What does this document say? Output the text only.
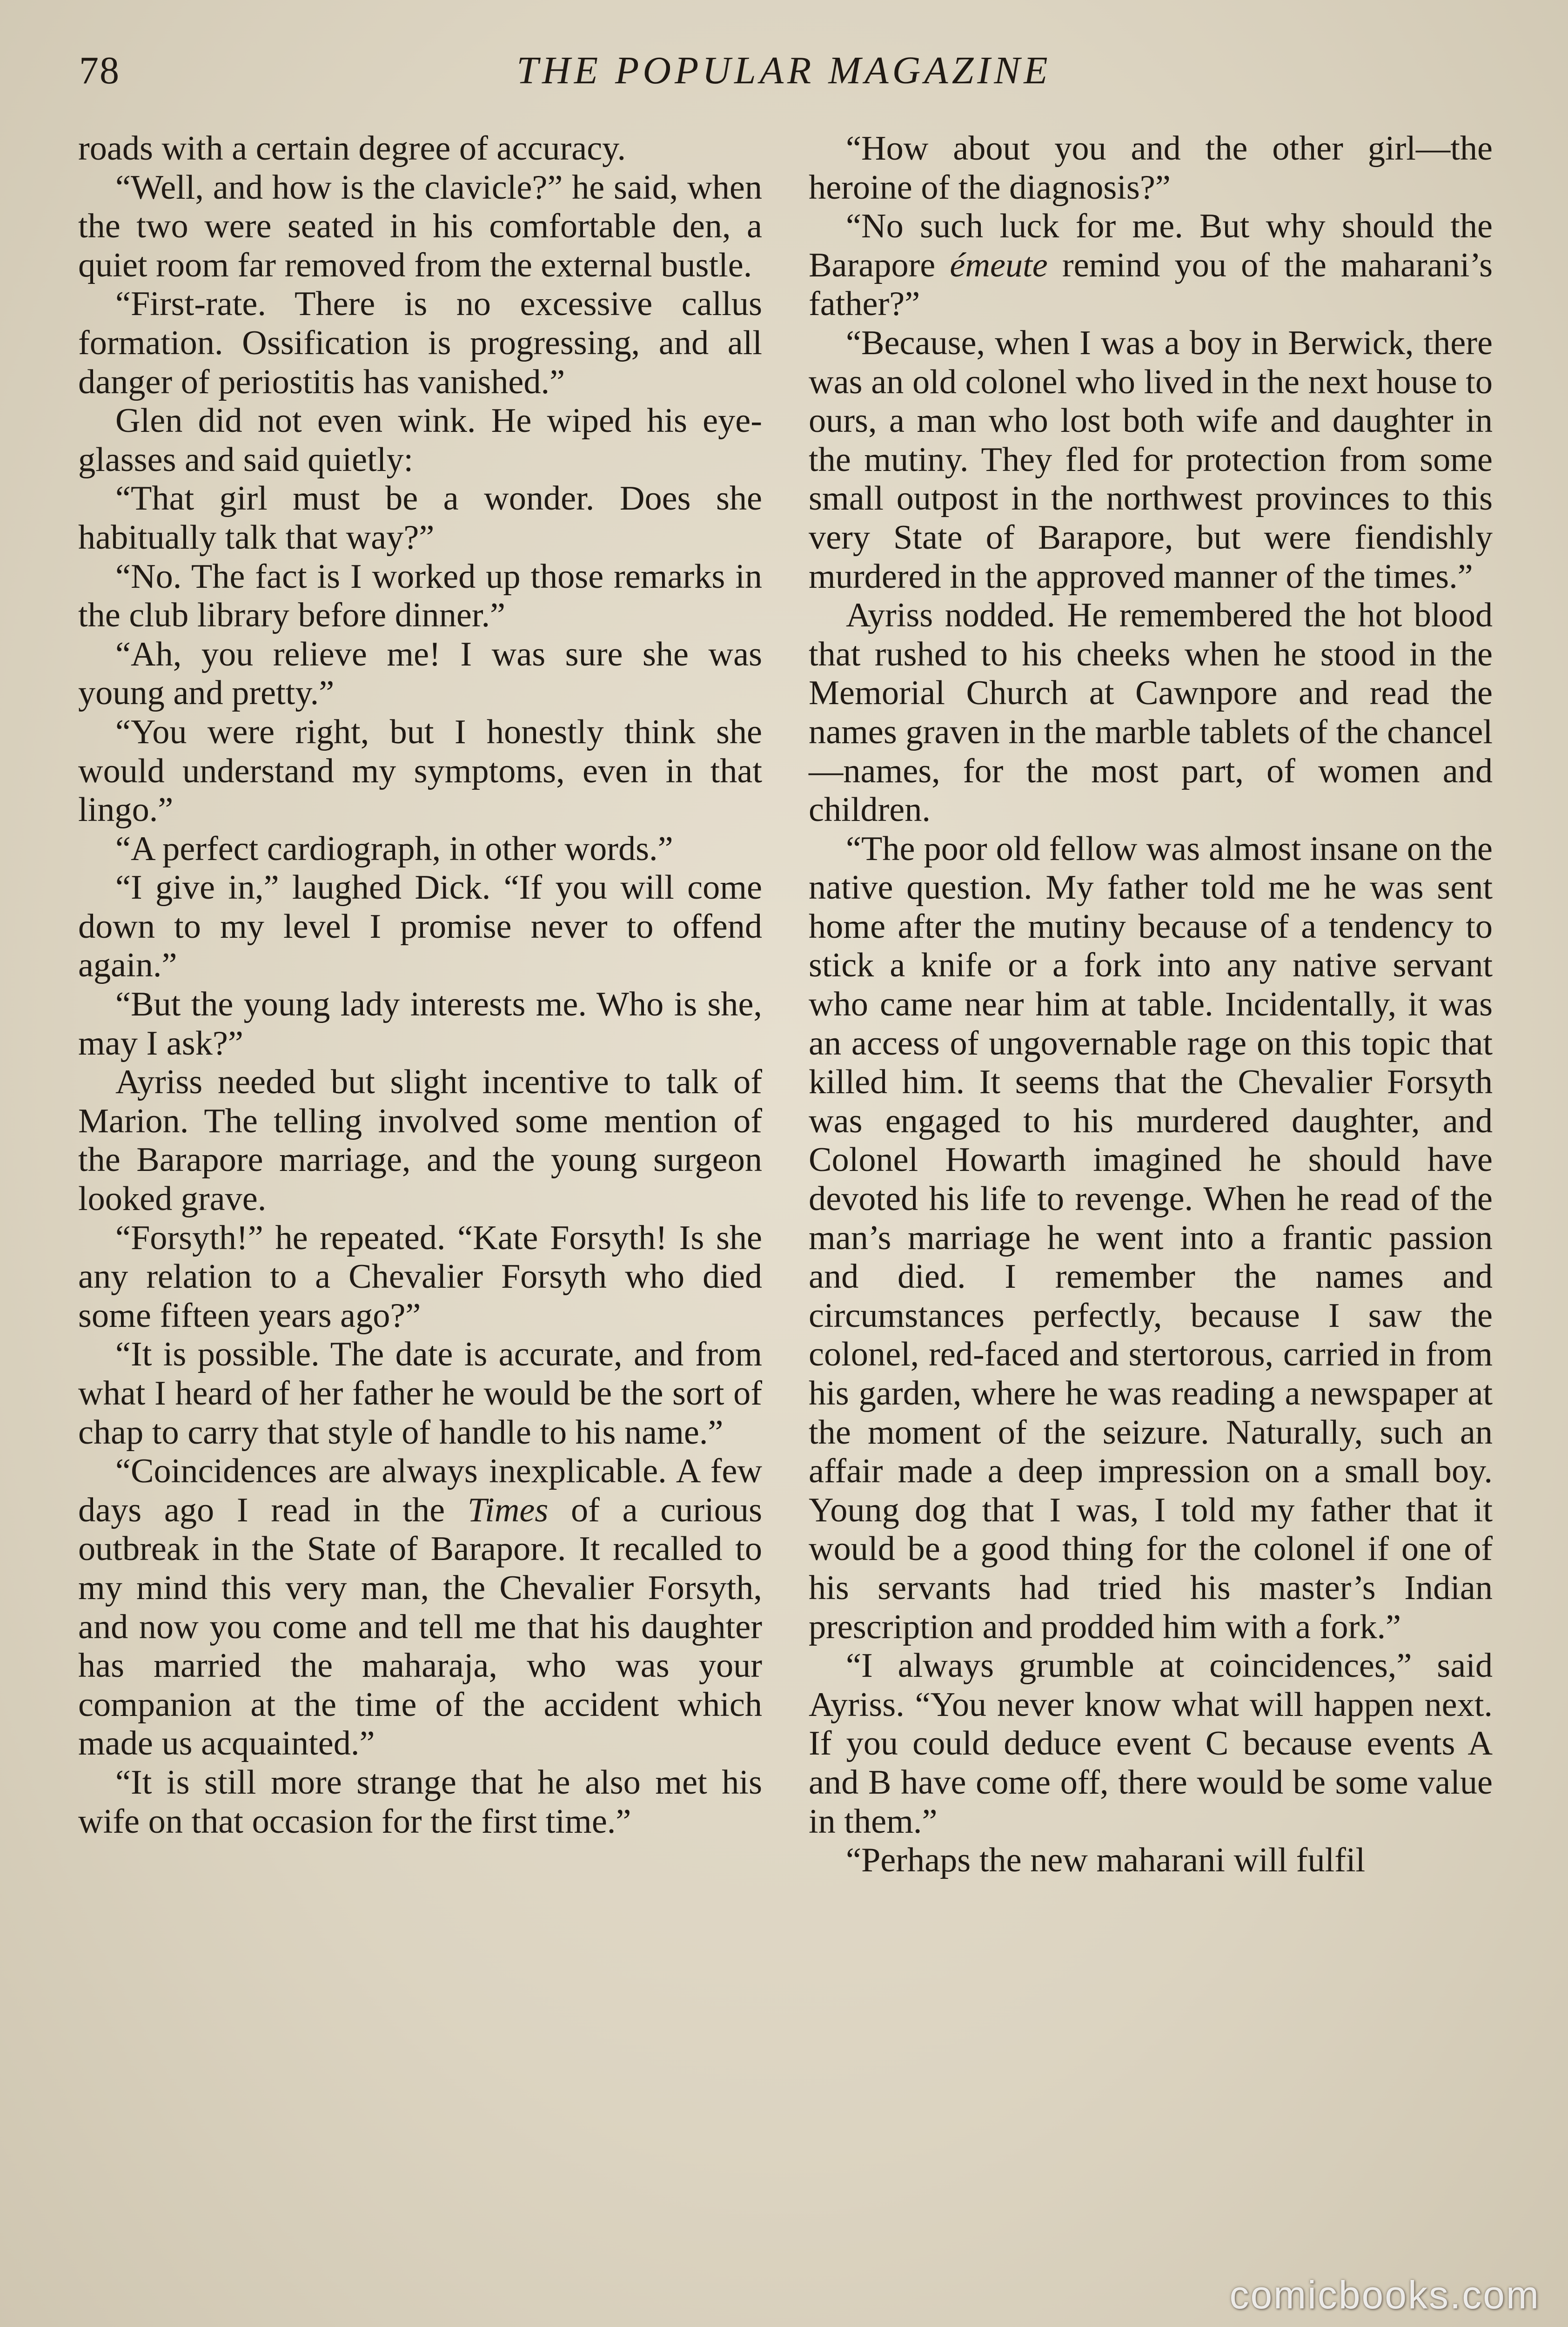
78	THE POPULAR MAGAZINE

roads with a certain degree of accuracy.

“Well, and how is the clavicle?” he said, when the two were seated in his comfortable den, a quiet room far removed from the external bustle.

“First-rate. There is no excessive callus formation. Ossification is progressing, and all danger of periostitis has vanished.”

Glen did not even wink. He wiped his eye-glasses and said quietly:

“That girl must be a wonder. Does she habitually talk that way?”

“No. The fact is I worked up those remarks in the club library before dinner.”

“Ah, you relieve me! I was sure she was young and pretty.”

“You were right, but I honestly think she would understand my symptoms, even in that lingo.”

“A perfect cardiograph, in other words.”

“I give in,” laughed Dick. “If you will come down to my level I promise never to offend again.”

“But the young lady interests me. Who is she, may I ask?”

Ayriss needed but slight incentive to talk of Marion. The telling involved some mention of the Barapore marriage, and the young surgeon looked grave.

“Forsyth!” he repeated. “Kate Forsyth! Is she any relation to a Chevalier Forsyth who died some fifteen years ago?”

“It is possible. The date is accurate, and from what I heard of her father he would be the sort of chap to carry that style of handle to his name.”

“Coincidences are always inexplicable. A few days ago I read in the Times of a curious outbreak in the State of Barapore. It recalled to my mind this very man, the Chevalier Forsyth, and now you come and tell me that his daughter has married the maharaja, who was your companion at the time of the accident which made us acquainted.”

“It is still more strange that he also met his wife on that occasion for the first time.”

“How about you and the other girl—the heroine of the diagnosis?”

“No such luck for me. But why should the Barapore émeute remind you of the maharani’s father?”

“Because, when I was a boy in Berwick, there was an old colonel who lived in the next house to ours, a man who lost both wife and daughter in the mutiny. They fled for protection from some small outpost in the northwest provinces to this very State of Barapore, but were fiendishly murdered in the approved manner of the times.”

Ayriss nodded. He remembered the hot blood that rushed to his cheeks when he stood in the Memorial Church at Cawnpore and read the names graven in the marble tablets of the chancel—names, for the most part, of women and children.

“The poor old fellow was almost insane on the native question. My father told me he was sent home after the mutiny because of a tendency to stick a knife or a fork into any native servant who came near him at table. Incidentally, it was an access of ungovernable rage on this topic that killed him. It seems that the Chevalier Forsyth was engaged to his murdered daughter, and Colonel Howarth imagined he should have devoted his life to revenge. When he read of the man’s marriage he went into a frantic passion and died. I remember the names and circumstances perfectly, because I saw the colonel, red-faced and stertorous, carried in from his garden, where he was reading a newspaper at the moment of the seizure. Naturally, such an affair made a deep impression on a small boy. Young dog that I was, I told my father that it would be a good thing for the colonel if one of his servants had tried his master’s Indian prescription and prodded him with a fork.”

“I always grumble at coincidences,” said Ayriss. “You never know what will happen next. If you could deduce event C because events A and B have come off, there would be some value in them.”

“Perhaps the new maharani will fulfil

comicbooks.com
